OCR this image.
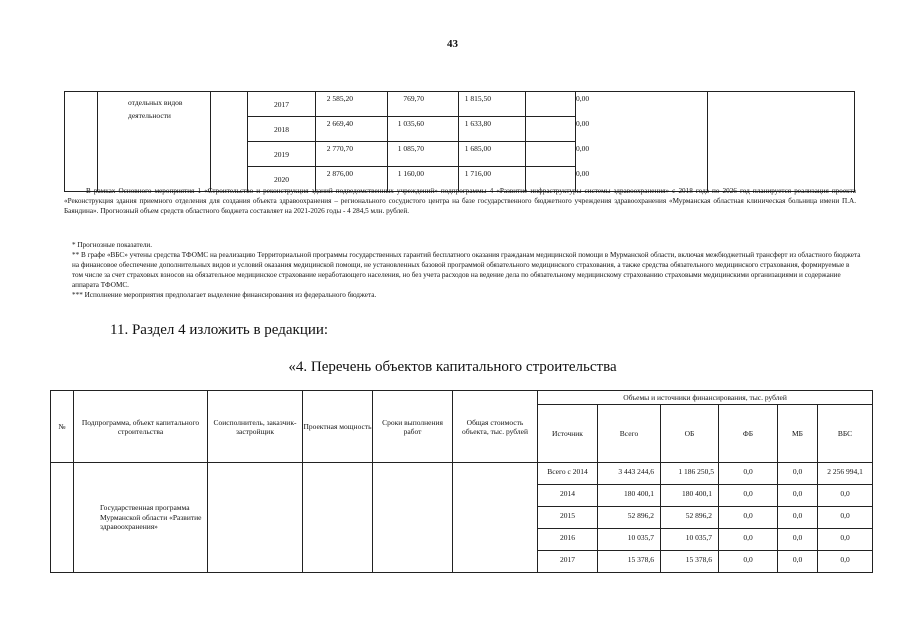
43
	отдельных видов деятельности		2017	2 585,20	769,70	1 815,50	0,00		
			2018	2 669,40	1 035,60	1 633,80	0,00		
			2019	2 770,70	1 085,70	1 685,00	0,00		
			2020	2 876,00	1 160,00	1 716,00	0,00		
В рамках Основного мероприятия 1 «Строительство и реконструкция зданий подведомственных учреждений» подпрограммы 4 «Развитие инфраструктуры системы здравоохранения» с 2018 года по 2026 год планируется реализация проекта «Реконструкция здания приемного отделения для создания объекта здравоохранения – регионального сосудистого центра на базе государственного бюджетного учреждения здравоохранения «Мурманская областная клиническая больница имени П.А. Баяндина». Прогнозный объем средств областного бюджета составляет на 2021-2026 годы - 4 284,5 млн. рублей.
* Прогнозные показатели.
** В графе «ВБС» учтены средства ТФОМС на реализацию Территориальной программы государственных гарантий бесплатного оказания гражданам медицинской помощи в Мурманской области, включая межбюджетный трансферт из областного бюджета на финансовое обеспечение дополнительных видов и условий оказания медицинской помощи, не установленных базовой программой обязательного медицинского страхования, а также средства обязательного медицинского страхования, формируемые в том числе за счет страховых взносов на обязательное медицинское страхование неработающего населения, но без учета расходов на ведение дела по обязательному медицинскому страхованию страховыми медицинскими организациями и содержание аппарата ТФОМС.
*** Исполнение мероприятия предполагает выделение финансирования из федерального бюджета.
11. Раздел 4 изложить в редакции:
«4. Перечень объектов капитального строительства
№	Подпрограмма, объект капитального строительства	Соисполнитель, заказчик-застройщик	Проектная мощность	Сроки выполнения работ	Общая стоимость объекта, тыс. рублей	Объемы и источники финансирования, тыс. рублей					
						Источник	Всего	ОБ	ФБ	МБ	ВБС
	Государственная программа Мурманской области «Развитие здравоохранения»					Всего с 2014	3 443 244,6	1 186 250,5	0,0	0,0	2 256 994,1
						2014	180 400,1	180 400,1	0,0	0,0	0,0
						2015	52 896,2	52 896,2	0,0	0,0	0,0
						2016	10 035,7	10 035,7	0,0	0,0	0,0
						2017	15 378,6	15 378,6	0,0	0,0	0,0
